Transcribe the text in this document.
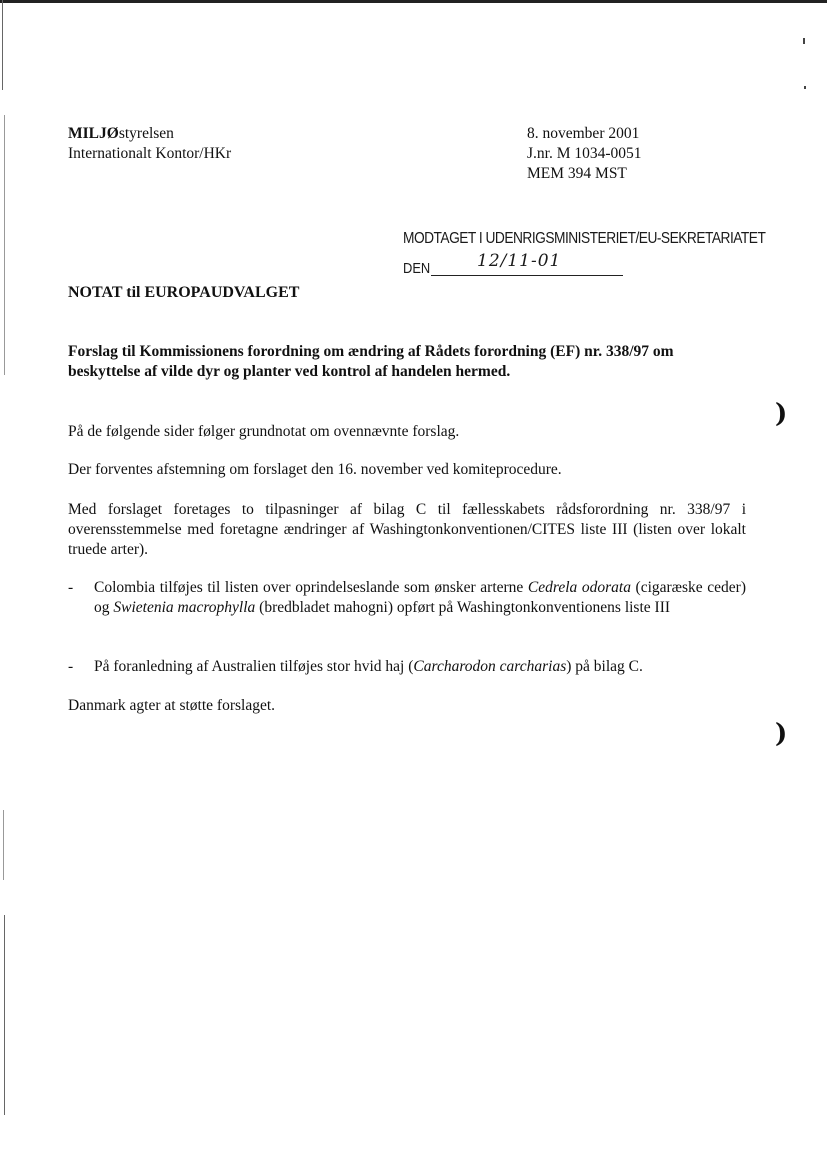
MILJØstyrelsen
Internationalt Kontor/HKr
8. november 2001
J.nr. M 1034-0051
MEM 394 MST
MODTAGET I UDENRIGSMINISTERIET/EU-SEKRETARIATET
DEN	12/11-01
NOTAT til EUROPAUDVALGET
Forslag til Kommissionens forordning om ændring af Rådets forordning (EF) nr. 338/97 om beskyttelse af vilde dyr og planter ved kontrol af handelen hermed.
På de følgende sider følger grundnotat om ovennævnte forslag.
Der forventes afstemning om forslaget den 16. november ved komiteprocedure.
Med forslaget foretages to tilpasninger af bilag C til fællesskabets rådsforordning nr. 338/97 i overensstemmelse med foretagne ændringer af Washingtonkonventionen/CITES liste III (listen over lokalt truede arter).
- Colombia tilføjes til listen over oprindelseslande som ønsker arterne Cedrela odorata (cigaræske ceder) og Swietenia macrophylla (bredbladet mahogni) opført på Washingtonkonventionens liste III
- På foranledning af Australien tilføjes stor hvid haj (Carcharodon carcharias) på bilag C.
Danmark agter at støtte forslaget.
)
)
